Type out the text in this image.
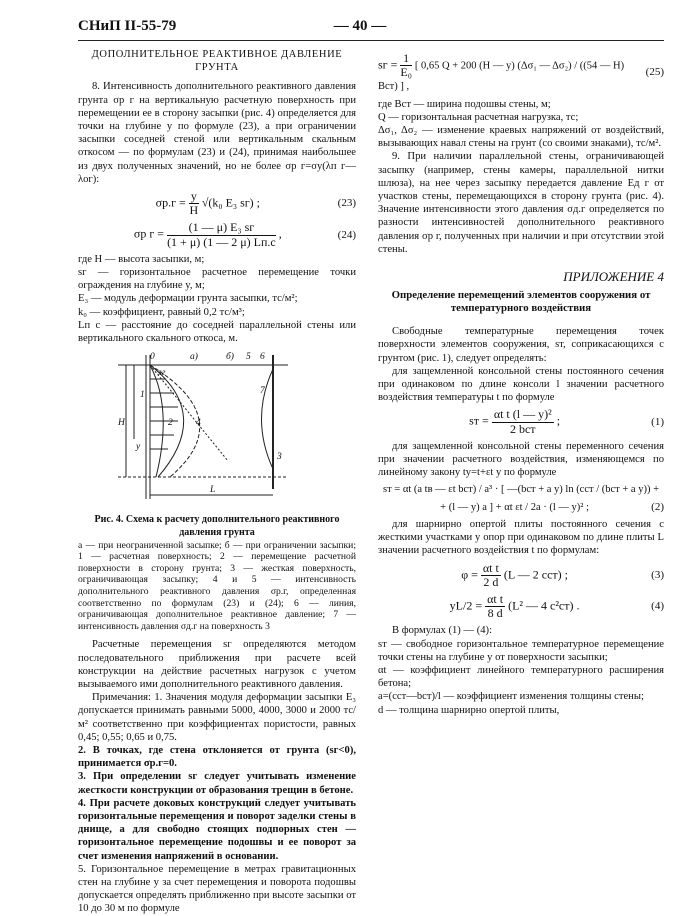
СНиП II-55-79	— 40 —
ДОПОЛНИТЕЛЬНОЕ РЕАКТИВНОЕ ДАВЛЕНИЕ ГРУНТА

8. Интенсивность дополнительного реактивного давления грунта σр г на вертикальную расчетную поверхность при перемещении ее в сторону засыпки (рис. 4) определяется для точки на глубине y по формуле (23), а при ограничении засыпки соседней стеной или вертикальным скальным откосом — по формулам (23) и (24), принимая наибольшее из двух полученных значений, но не более σр г=σy(λп г—λог):

$\sigma р.г = \frac{y}{H} √(k_0$ E₃ sг) ;	(23)
σр $г = \frac{\text{(1 — μ) E₃ sг}}{(1 + \mu) (1 — 2 \mu) Lп.с}$ ,	(24)

где H — высота засыпки, м;

sг — горизонтальное расчетное перемещение точки ограждения на глубине y, м;

E₃ — модуль деформации грунта засыпки, тс/м²;

k₀ — коэффициент, равный 0,2 тс/м³;

Lп с — расстояние до соседней параллельной стены или вертикального скального откоса, м.

0	а)	б) 5 6
H
y
L
1
2
3
4
7
sг
Рис. 4. Схема к расчету дополнительного реактивного давления грунта

а — при неограниченной засыпке; б — при ограничении засыпки; 1 — расчетная поверхность; 2 — перемещение расчетной поверхности в сторону грунта; 3 — жесткая поверхность, ограничивающая засыпку; 4 и 5 — интенсивность дополнительного реактивного давления σр.г, определенная соответственно по формулам (23) и (24); 6 — линия, ограничивающая дополнительное реактивное давление; 7 — интенсивность давления σд.г на поверхность 3

Расчетные перемещения sг определяются методом последовательного приближения при расчете всей конструкции на действие расчетных нагрузок с учетом вызываемого ими дополнительного реактивного давления.

Примечания: 1. Значения модуля деформации засыпки E₃ допускается принимать равными 5000, 4000, 3000 и 2000 тс/м² соответственно при коэффициентах пористости, равных 0,45; 0,55; 0,65 и 0,75.

2. В точках, где стена отклоняется от грунта (sг<0), принимается σр.г=0.

3. При определении sг следует учитывать изменение жесткости конструкции от образования трещин в бетоне.

4. При расчете доковых конструкций следует учитывать горизонтальные перемещения и поворот заделки стены в днище, а для свободно стоящих подпорных стен — горизонтальное перемещение подошвы и ее поворот за счет изменения напряжений в основании.

5. Горизонтальное перемещение в метрах гравитационных стен на глубине y за счет перемещения и поворота подошвы допускается определять приближенно при высоте засыпки от 10 до 30 м по формуле

sг = $\frac{1}{\text{E₀}}$ [ 0,65 Q + 200 (H — y) (Δσ₁ — Δσ₂) / ((54 — H) Bст) ] ,
(25)

где Bст — ширина подошвы стены, м;

Q — горизонтальная расчетная нагрузка, тс;

Δσ₁, Δσ₂ — изменение краевых напряжений от воздействий, вызывающих навал стены на грунт (со своими знаками), тс/м².

9. При наличии параллельной стены, ограничивающей засыпку (например, стены камеры, параллельной нитки шлюза), на нее через засыпку передается давление Eд г от участков стены, перемещающихся в сторону грунта (рис. 4). Значение интенсивности этого давления σд.г определяется по разности интенсивностей дополнительного реактивного давления σр г, полученных при наличии и при отсутствии этой стены.

ПРИЛОЖЕНИЕ 4
Определение перемещений элементов сооружения от температурного воздействия

Свободные температурные перемещения точек поверхности элементов сооружения, sт, соприкасающихся с грунтом (рис. 1), следует определять:

для защемленной консольной стены постоянного сечения при одинаковом по длине консоли l значении расчетного воздействия температуры t по формуле

sт = $\frac{\text{αt t (l — y)²}}{\text{2 bст}}$ ;	(1)

для защемленной консольной стены переменного сечения при значении расчетного воздействия, изменяющемся по линейному закону ty=t+εt y по формуле

sт = αt (a tв — εt bст) / a³ · [ —(bст + a y) ln (cст / (bст + a y)) +
+ (l — y) a ] + αt εt / 2a · (l — y)² ;	(2)

для шарнирно опертой плиты постоянного сечения с жесткими участками у опор при одинаковом по длине плиты L значении расчетного воздействия t по формулам:

$\varphi = \frac{\text{αt t}}{2 d} (L$ — 2 cст) ;	(3)
$yL/2 = \frac{\text{αt t}}{8 d} (L^2$ — 4 c²ст) .	(4)

В формулах (1) — (4):

sт — свободное горизонтальное температурное перемещение точки стены на глубине y от поверхности засыпки;

αt — коэффициент линейного температурного расширения бетона;

a=(cст—bст)/l — коэффициент изменения толщины стены;

d — толщина шарнирно опертой плиты,
